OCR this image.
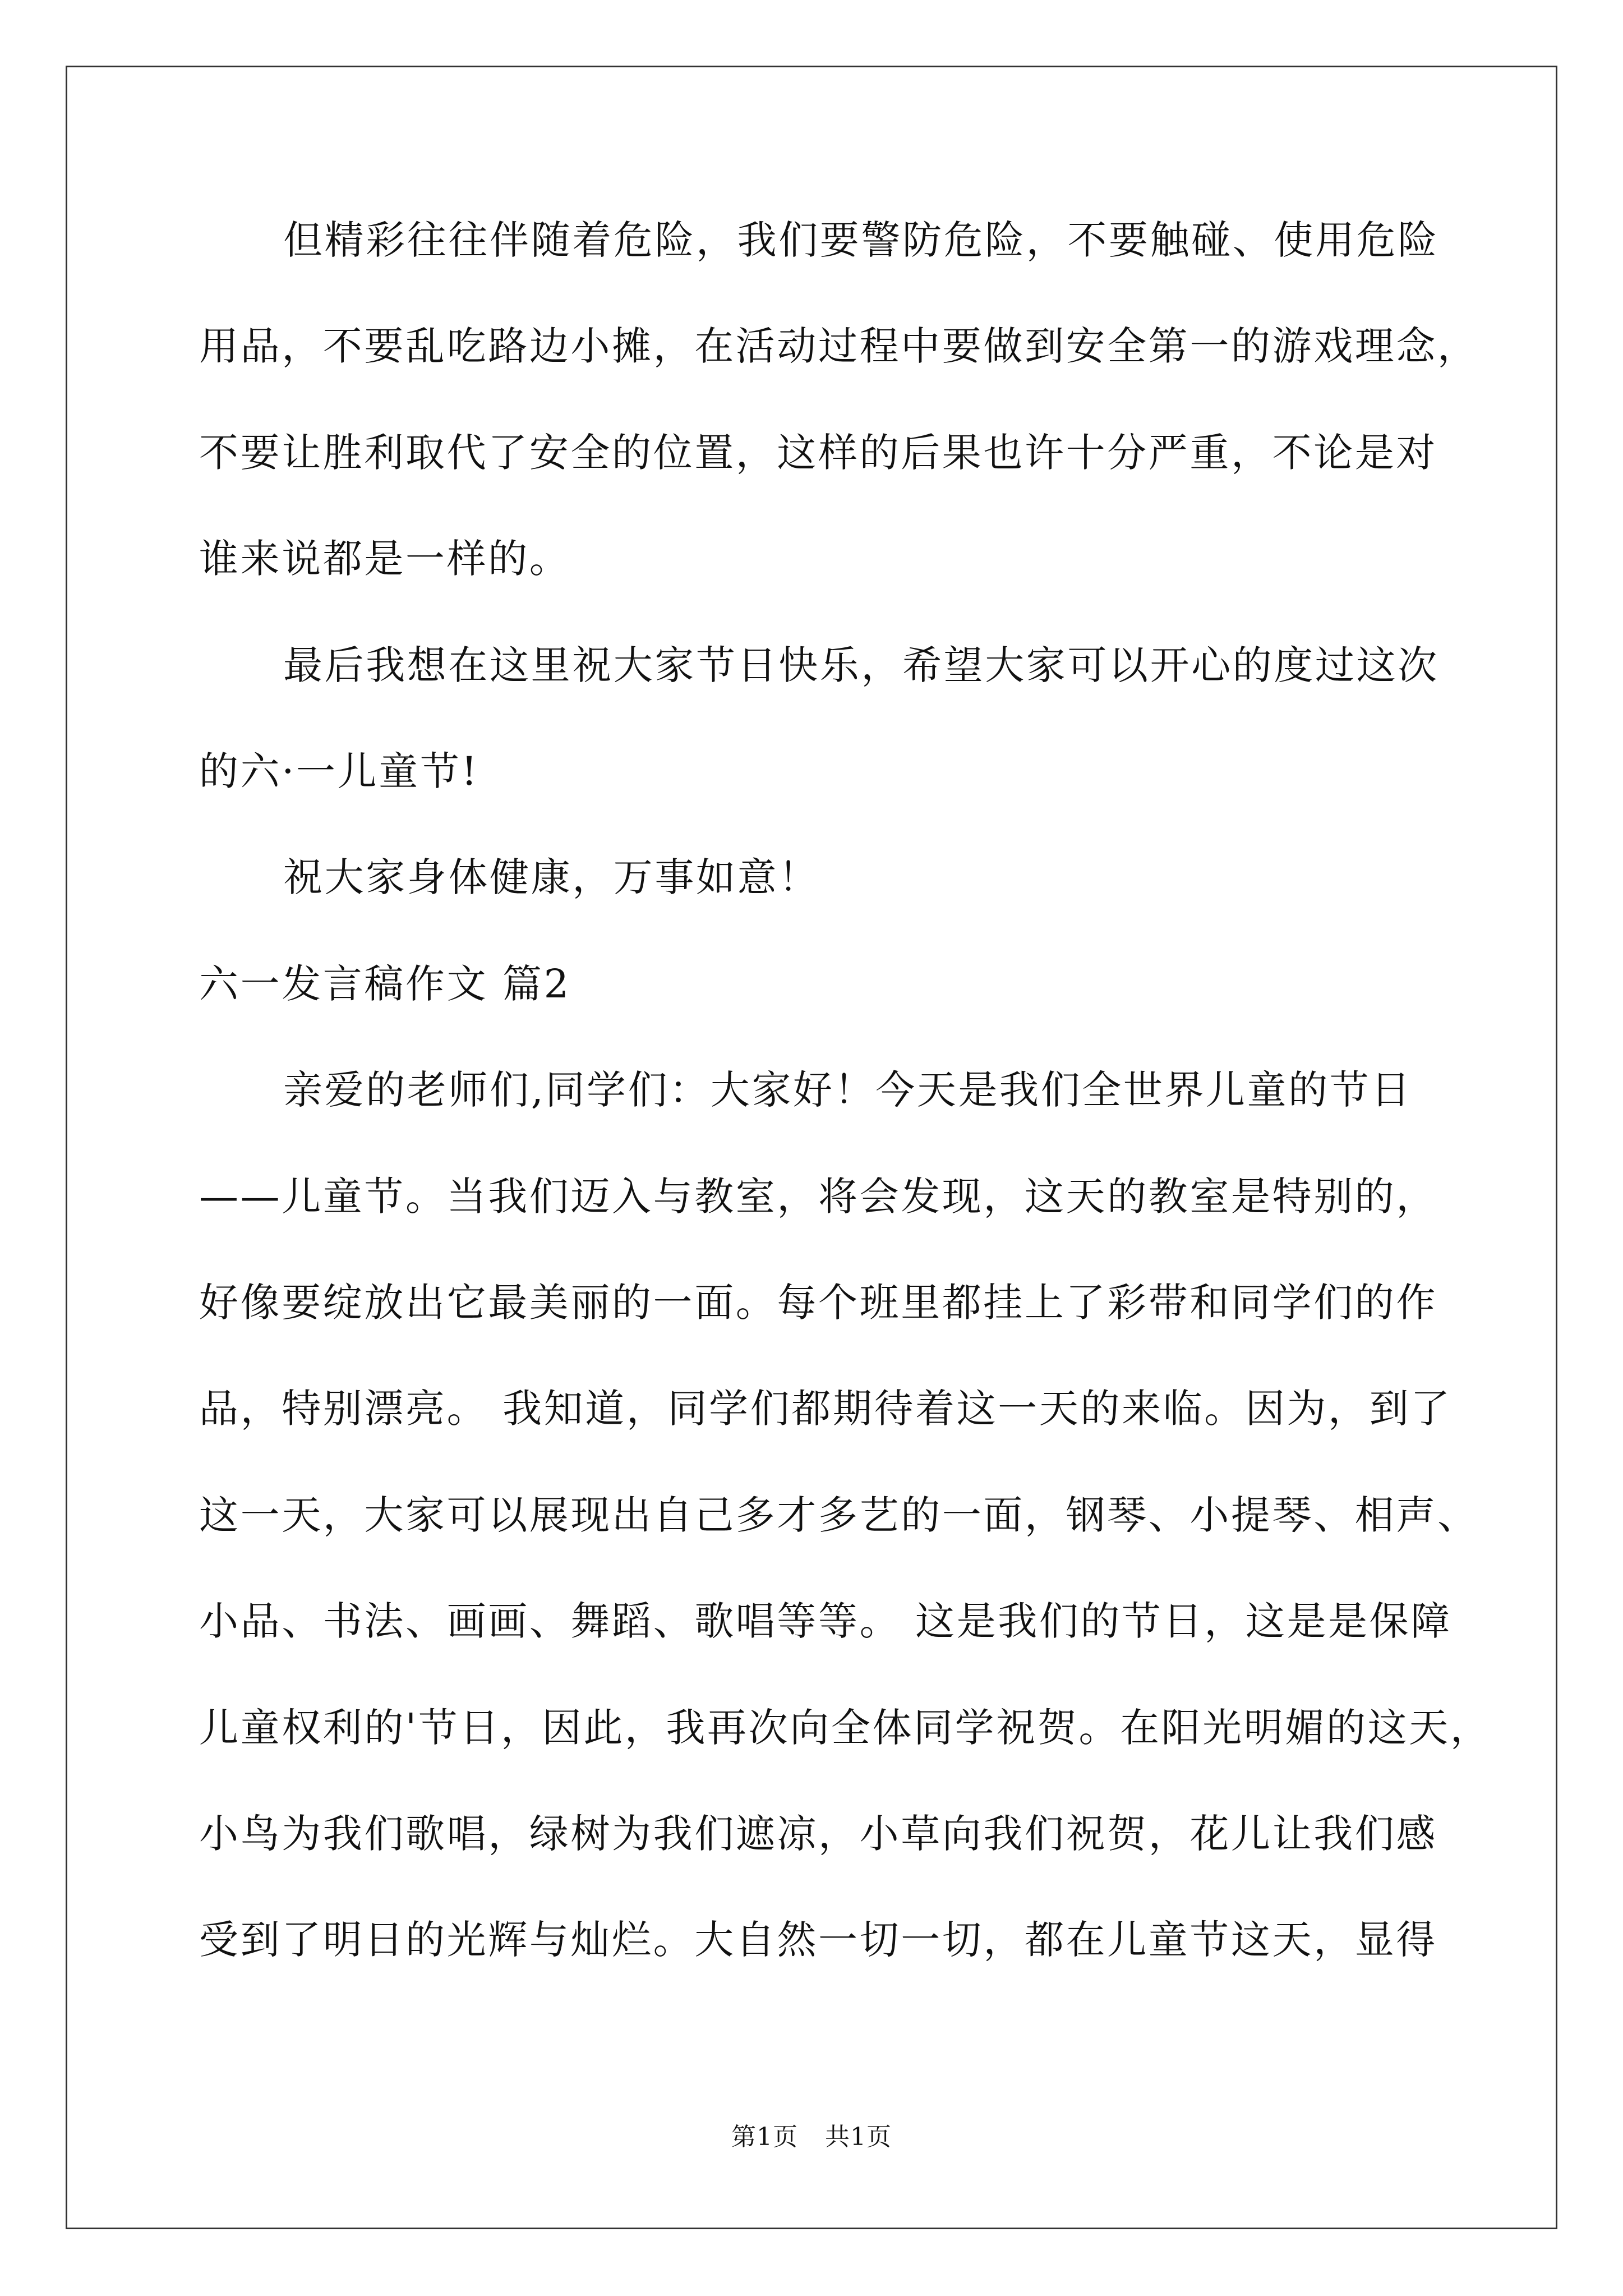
但精彩往往伴随着危险，我们要警防危险，不要触碰、使用危险
用品，不要乱吃路边小摊，在活动过程中要做到安全第一的游戏理念，
不要让胜利取代了安全的位置，这样的后果也许十分严重，不论是对
谁来说都是一样的。
最后我想在这里祝大家节日快乐，希望大家可以开心的度过这次
的六·一儿童节!
祝大家身体健康，万事如意！
六一发言稿作文 篇2
亲爱的老师们,同学们：大家好！今天是我们全世界儿童的节日
——儿童节。当我们迈入与教室，将会发现，这天的教室是特别的，
好像要绽放出它最美丽的一面。每个班里都挂上了彩带和同学们的作
品，特别漂亮。 我知道，同学们都期待着这一天的来临。因为，到了
这一天，大家可以展现出自己多才多艺的一面，钢琴、小提琴、相声、
小品、书法、画画、舞蹈、歌唱等等。 这是我们的节日，这是是保障
儿童权利的'节日，因此，我再次向全体同学祝贺。在阳光明媚的这天，
小鸟为我们歌唱，绿树为我们遮凉，小草向我们祝贺，花儿让我们感
受到了明日的光辉与灿烂。大自然一切一切，都在儿童节这天，显得
第1页 共1页
